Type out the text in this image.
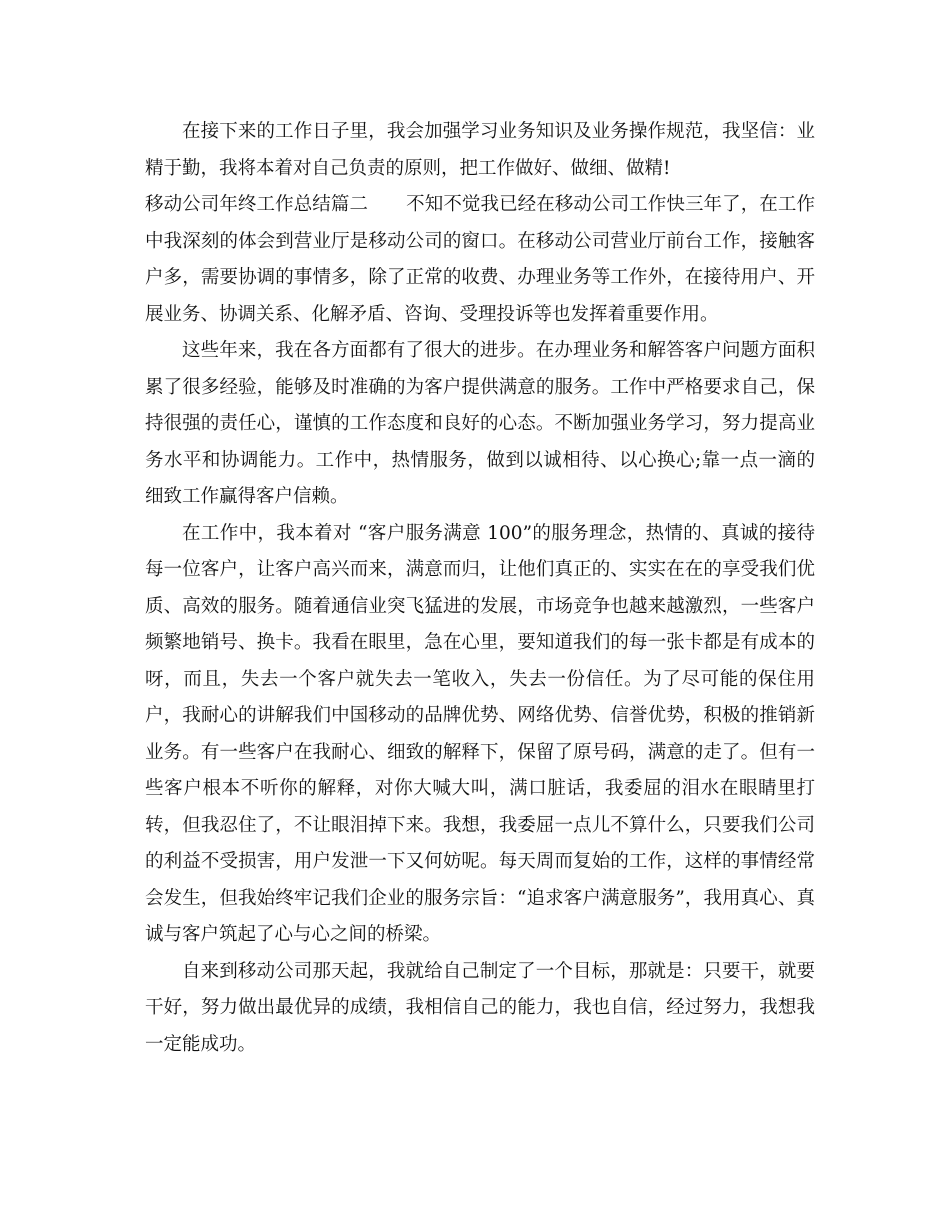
在接下来的工作日子里，我会加强学习业务知识及业务操作规范，我坚信：业精于勤，我将本着对自己负责的原则，把工作做好、做细、做精!

移动公司年终工作总结篇二 不知不觉我已经在移动公司工作快三年了，在工作中我深刻的体会到营业厅是移动公司的窗口。在移动公司营业厅前台工作，接触客户多，需要协调的事情多，除了正常的收费、办理业务等工作外，在接待用户、开展业务、协调关系、化解矛盾、咨询、受理投诉等也发挥着重要作用。

这些年来，我在各方面都有了很大的进步。在办理业务和解答客户问题方面积累了很多经验，能够及时准确的为客户提供满意的服务。工作中严格要求自己，保持很强的责任心，谨慎的工作态度和良好的心态。不断加强业务学习，努力提高业务水平和协调能力。工作中，热情服务，做到以诚相待、以心换心;靠一点一滴的细致工作赢得客户信赖。

在工作中，我本着对 “客户服务满意 100”的服务理念，热情的、真诚的接待每一位客户，让客户高兴而来，满意而归，让他们真正的、实实在在的享受我们优质、高效的服务。随着通信业突飞猛进的发展，市场竞争也越来越激烈，一些客户频繁地销号、换卡。我看在眼里，急在心里，要知道我们的每一张卡都是有成本的呀，而且，失去一个客户就失去一笔收入，失去一份信任。为了尽可能的保住用户，我耐心的讲解我们中国移动的品牌优势、网络优势、信誉优势，积极的推销新业务。有一些客户在我耐心、细致的解释下，保留了原号码，满意的走了。但有一些客户根本不听你的解释，对你大喊大叫，满口脏话，我委屈的泪水在眼睛里打转，但我忍住了，不让眼泪掉下来。我想，我委屈一点儿不算什么，只要我们公司的利益不受损害，用户发泄一下又何妨呢。每天周而复始的工作，这样的事情经常会发生，但我始终牢记我们企业的服务宗旨：“追求客户满意服务”，我用真心、真诚与客户筑起了心与心之间的桥梁。

自来到移动公司那天起，我就给自己制定了一个目标，那就是：只要干，就要干好，努力做出最优异的成绩，我相信自己的能力，我也自信，经过努力，我想我一定能成功。
